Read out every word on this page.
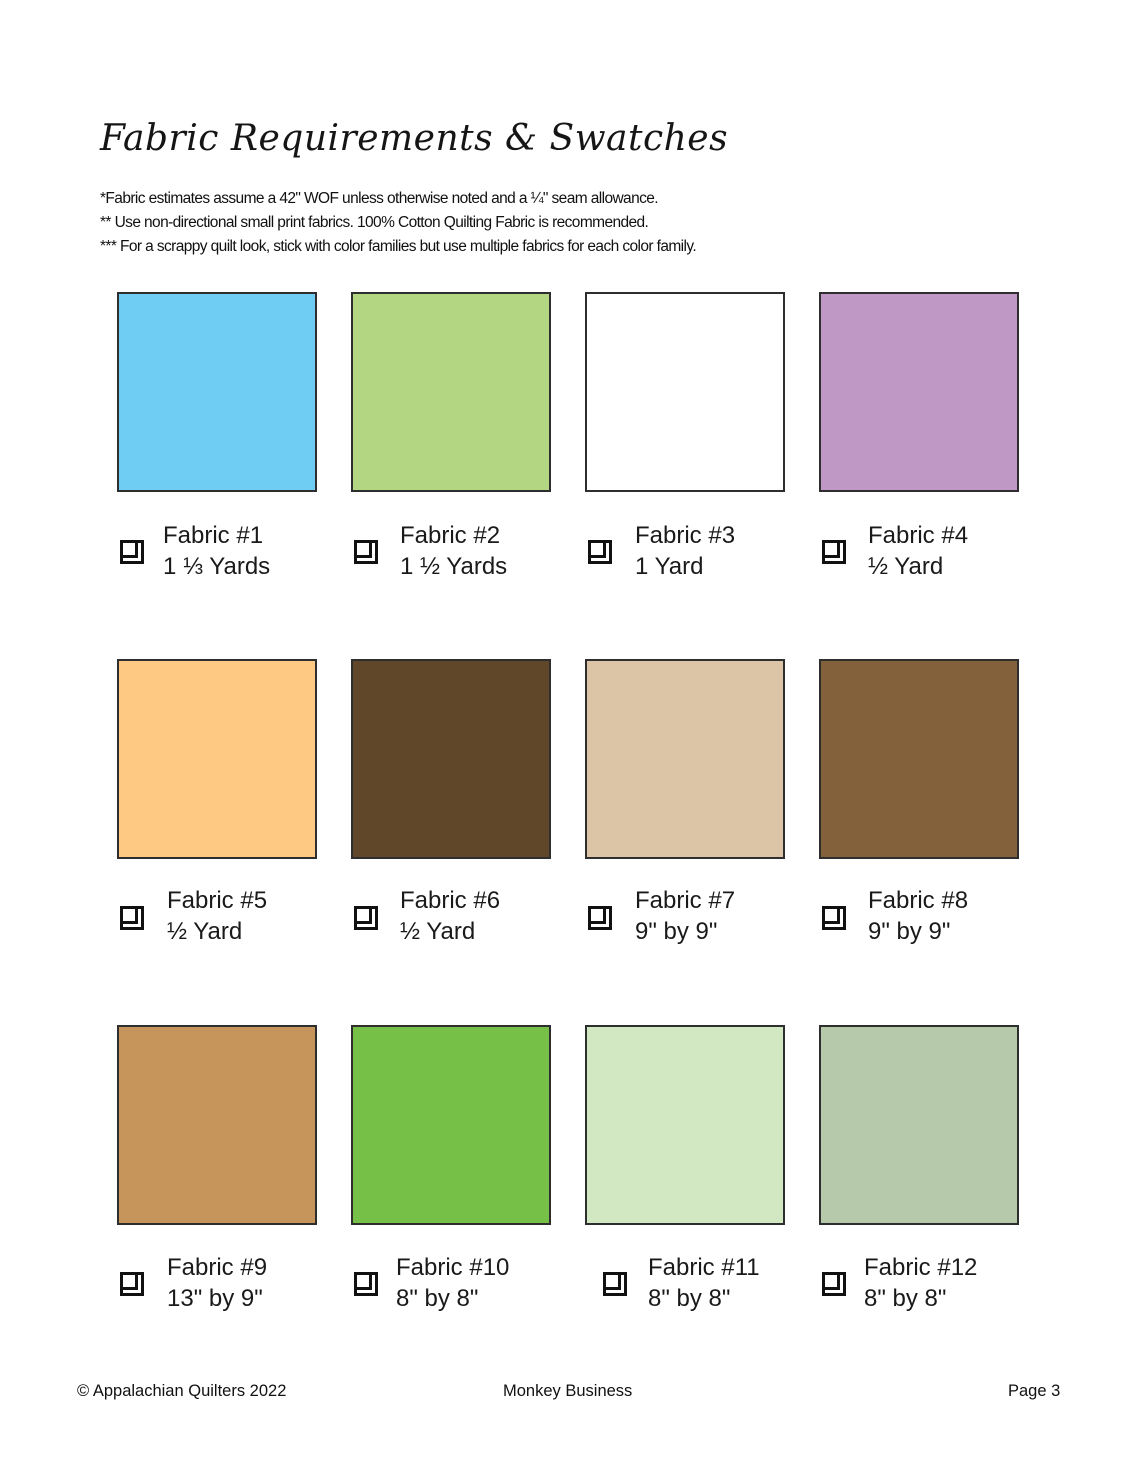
Fabric Requirements & Swatches
*Fabric estimates assume a 42" WOF unless otherwise noted and a ¼" seam allowance.
** Use non-directional small print fabrics. 100% Cotton Quilting Fabric is recommended.
*** For a scrappy quilt look, stick with color families but use multiple fabrics for each color family.
Fabric #1
1 ⅓ Yards
Fabric #2
1 ½ Yards
Fabric #3
1 Yard
Fabric #4
½ Yard
Fabric #5
½ Yard
Fabric #6
½ Yard
Fabric #7
9" by 9"
Fabric #8
9" by 9"
Fabric #9
13" by 9"
Fabric #10
8" by 8"
Fabric #11
8" by 8"
Fabric #12
8" by 8"
© Appalachian Quilters 2022	Monkey Business	Page 3
